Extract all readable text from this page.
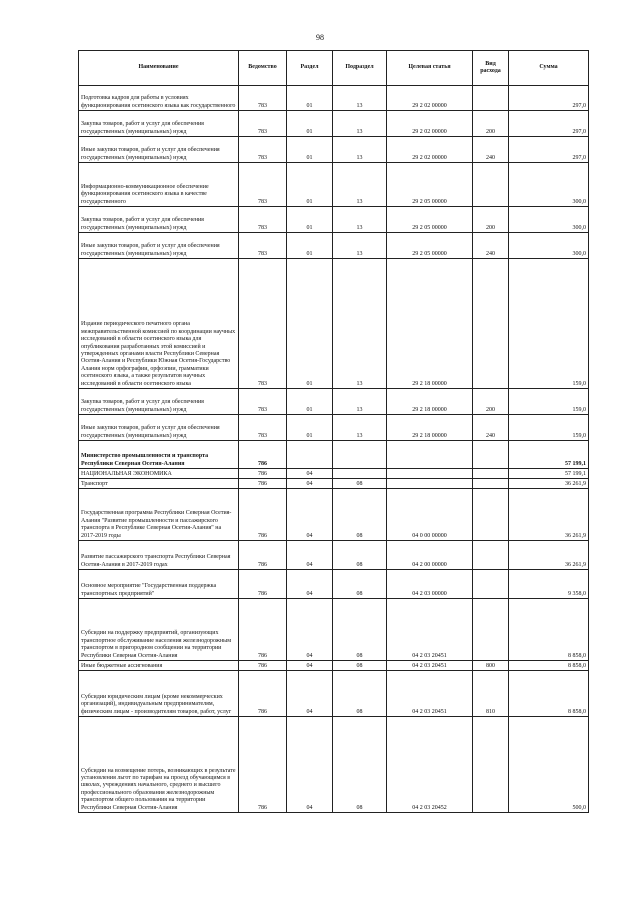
98
Наименование	Ведомство	Раздел	Подраздел	Целевая статья	Вид расхода	Сумма
Подготовка кадров для работы в условиях функционирования осетинского языка как государственного	783	01	13	29 2 02 00000		297,0
Закупка товаров, работ и услуг для обеспечения государственных (муниципальных) нужд	783	01	13	29 2 02 00000	200	297,0
Иные закупки товаров, работ и услуг для обеспечения государственных (муниципальных) нужд	783	01	13	29 2 02 00000	240	297,0
Информационно-коммуникационное обеспечение функционирования осетинского языка в качестве государственного	783	01	13	29 2 05 00000		300,0
Закупка товаров, работ и услуг для обеспечения государственных (муниципальных) нужд	783	01	13	29 2 05 00000	200	300,0
Иные закупки товаров, работ и услуг для обеспечения государственных (муниципальных) нужд	783	01	13	29 2 05 00000	240	300,0
Издание периодического печатного органа межправительственной комиссией по координации научных исследований в области осетинского языка для опубликования разработанных этой комиссией и утвержденных органами власти Республики Северная Осетия-Алания и Республики Южная Осетия-Государство Алания норм орфографии, орфоэпии, грамматики осетинского языка, а также результатов научных исследований в области осетинского языка	783	01	13	29 2 18 00000		159,0
Закупка товаров, работ и услуг для обеспечения государственных (муниципальных) нужд	783	01	13	29 2 18 00000	200	159,0
Иные закупки товаров, работ и услуг для обеспечения государственных (муниципальных) нужд	783	01	13	29 2 18 00000	240	159,0
Министерство промышленности и транспорта Республики Северная Осетия-Алания	786					57 199,1
НАЦИОНАЛЬНАЯ ЭКОНОМИКА	786	04				57 199,1
Транспорт	786	04	08			36 261,9
Государственная программа Республики Северная Осетия-Алания "Развитие промышленности и пассажирского транспорта в Республике Северная Осетия-Алания" на 2017-2019 годы	786	04	08	04 0 00 00000		36 261,9
Развитие пассажирского транспорта Республики Северная Осетия-Алания в 2017-2019 годах	786	04	08	04 2 00 00000		36 261,9
Основное мероприятие "Государственная поддержка транспортных предприятий"	786	04	08	04 2 03 00000		9 358,0
Субсидии на поддержку предприятий, организующих транспортное обслуживание населения железнодорожным транспортом в пригородном сообщении на территории Республики Северная Осетия-Алания	786	04	08	04 2 03 20451		8 858,0
Иные бюджетные ассигнования	786	04	08	04 2 03 20451	800	8 858,0
Субсидии юридическим лицам (кроме некоммерческих организаций), индивидуальным предпринимателям, физическим лицам - производителям товаров, работ, услуг	786	04	08	04 2 03 20451	810	8 858,0
Субсидии на возмещение потерь, возникающих в результате установления льгот по тарифам на проезд обучающимся в школах, учреждениях начального, среднего и высшего профессионального образования железнодорожным транспортом общего пользования на территории Республики Северная Осетия-Алания	786	04	08	04 2 03 20452		500,0
